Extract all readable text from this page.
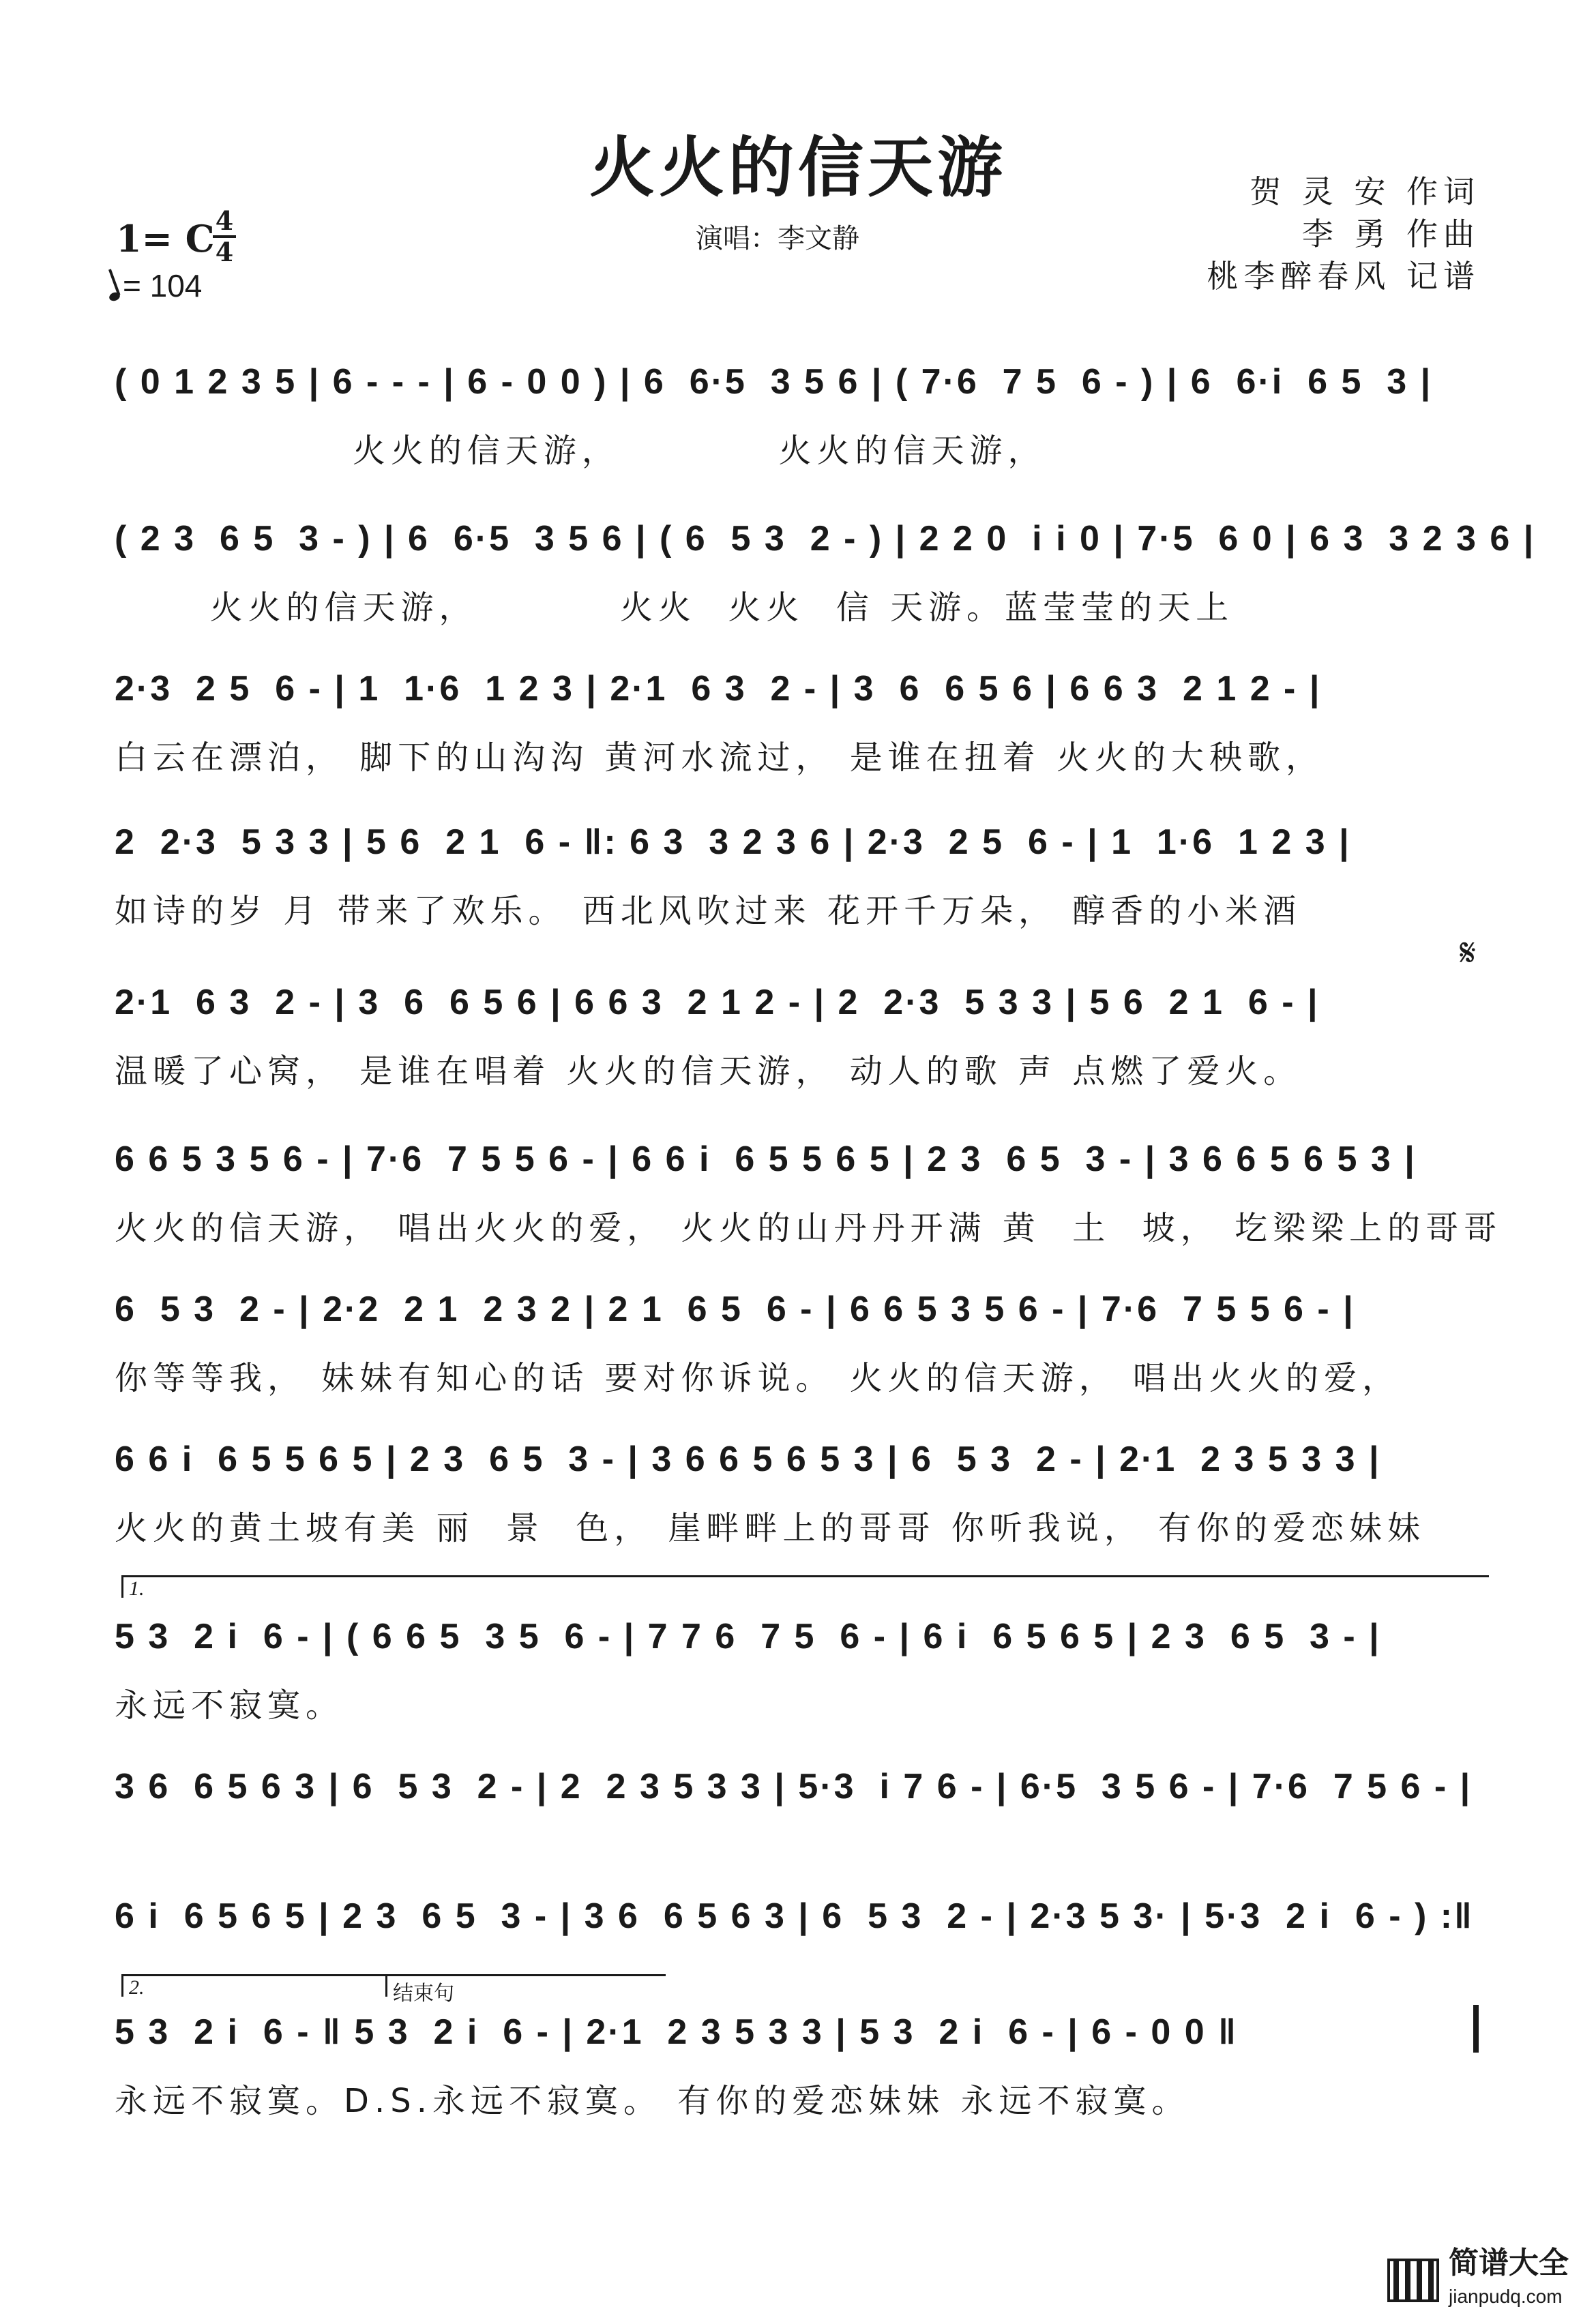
火火的信天游
演唱：李文静
1= C 4
4
= 104
贺 灵 安 作词
李 勇 作曲
桃李醉春风 记谱
( 0 1 2 3 5 | 6 - - - | 6 - 0 0 ) | 6  6·5  3 5 6 | ( 7·6  7 5  6 - ) | 6  6·i  6 5  3 |
火火的信天游，          火火的信天游，
( 2 3  6 5  3 - ) | 6  6·5  3 5 6 | ( 6  5 3  2 - ) | 2 2 0  i i 0 | 7·5  6 0 | 6 3  3 2 3 6 |
火火的信天游，         火火  火火  信 天游。蓝莹莹的天上
2·3  2 5  6 - | 1  1·6  1 2 3 | 2·1  6 3  2 - | 3  6  6 5 6 | 6 6 3  2 1 2 - |
白云在漂泊， 脚下的山沟沟 黄河水流过， 是谁在扭着 火火的大秧歌，
2  2·3  5 3 3 | 5 6  2 1  6 - ‖: 6 3  3 2 3 6 | 2·3  2 5  6 - | 1  1·6  1 2 3 |
如诗的岁 月 带来了欢乐。 西北风吹过来 花开千万朵， 醇香的小米酒
𝄋
2·1  6 3  2 - | 3  6  6 5 6 | 6 6 3  2 1 2 - | 2  2·3  5 3 3 | 5 6  2 1  6 - |
温暖了心窝， 是谁在唱着 火火的信天游， 动人的歌 声 点燃了爱火。
6 6 5 3 5 6 - | 7·6  7 5 5 6 - | 6 6 i  6 5 5 6 5 | 2 3  6 5  3 - | 3 6 6 5 6 5 3 |
火火的信天游， 唱出火火的爱， 火火的山丹丹开满 黄  土  坡， 圪梁梁上的哥哥
6  5 3  2 - | 2·2  2 1  2 3 2 | 2 1  6 5  6 - | 6 6 5 3 5 6 - | 7·6  7 5 5 6 - |
你等等我， 妹妹有知心的话 要对你诉说。 火火的信天游， 唱出火火的爱，
6 6 i  6 5 5 6 5 | 2 3  6 5  3 - | 3 6 6 5 6 5 3 | 6  5 3  2 - | 2·1  2 3 5 3 3 |
火火的黄土坡有美 丽  景  色， 崖畔畔上的哥哥 你听我说， 有你的爱恋妹妹
1.
5 3  2 i  6 - | ( 6 6 5  3 5  6 - | 7 7 6  7 5  6 - | 6 i  6 5 6 5 | 2 3  6 5  3 - |
永远不寂寞。
3 6  6 5 6 3 | 6  5 3  2 - | 2  2 3 5 3 3 | 5·3  i 7 6 - | 6·5  3 5 6 - | 7·6  7 5 6 - |
6 i  6 5 6 5 | 2 3  6 5  3 - | 3 6  6 5 6 3 | 6  5 3  2 - | 2·3 5 3· | 5·3  2 i  6 - ) :‖
2.	结束句
5 3  2 i  6 - ‖ 5 3  2 i  6 - | 2·1  2 3 5 3 3 | 5 3  2 i  6 - | 6 - 0 0 ‖
永远不寂寞。D.S.永远不寂寞。 有你的爱恋妹妹 永远不寂寞。
简谱大全
jianpudq.com
